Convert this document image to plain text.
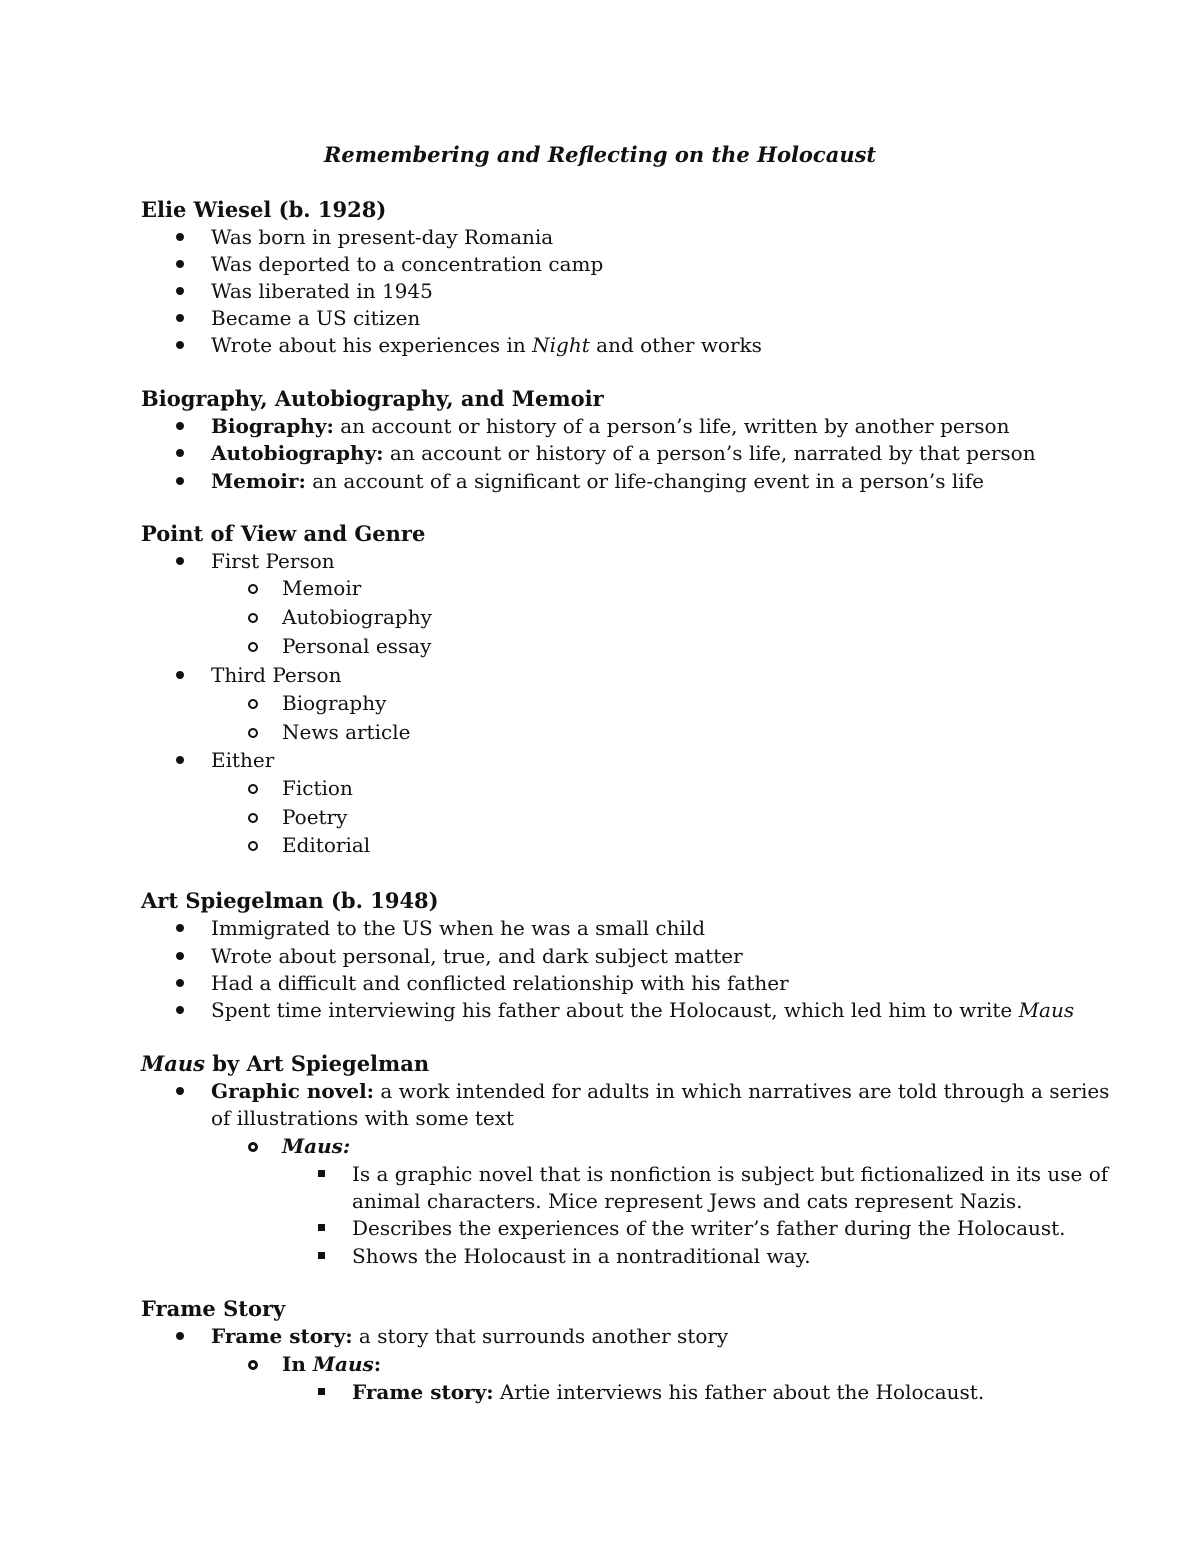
Remembering and Reflecting on the Holocaust
Elie Wiesel (b. 1928)
Was born in present-day Romania
Was deported to a concentration camp
Was liberated in 1945
Became a US citizen
Wrote about his experiences in Night and other works
Biography, Autobiography, and Memoir
Biography: an account or history of a person’s life, written by another person
Autobiography: an account or history of a person’s life, narrated by that person
Memoir: an account of a significant or life-changing event in a person’s life
Point of View and Genre
First Person
Memoir
Autobiography
Personal essay
Third Person
Biography
News article
Either
Fiction
Poetry
Editorial
Art Spiegelman (b. 1948)
Immigrated to the US when he was a small child
Wrote about personal, true, and dark subject matter
Had a difficult and conflicted relationship with his father
Spent time interviewing his father about the Holocaust, which led him to write Maus
Maus by Art Spiegelman
Graphic novel: a work intended for adults in which narratives are told through a series
of illustrations with some text
Maus:
Is a graphic novel that is nonfiction is subject but fictionalized in its use of
animal characters. Mice represent Jews and cats represent Nazis.
Describes the experiences of the writer’s father during the Holocaust.
Shows the Holocaust in a nontraditional way.
Frame Story
Frame story: a story that surrounds another story
In Maus:
Frame story: Artie interviews his father about the Holocaust.
